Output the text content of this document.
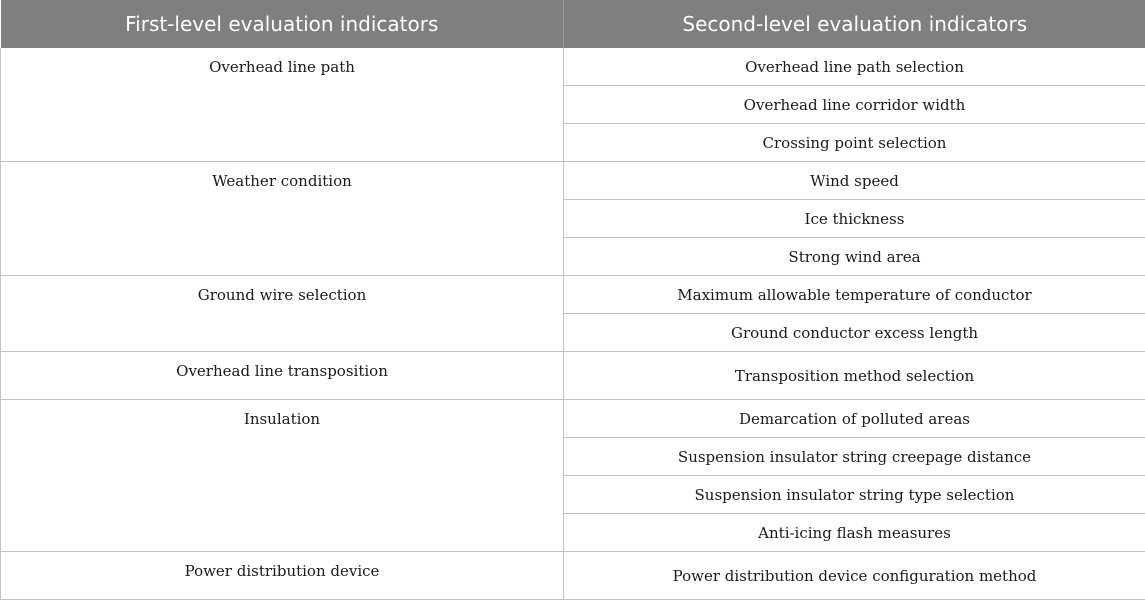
First-level evaluation indicators	Second-level evaluation indicators
Overhead line path	Overhead line path selection
	Overhead line corridor width
	Crossing point selection
Weather condition	Wind speed
	Ice thickness
	Strong wind area
Ground wire selection	Maximum allowable temperature of conductor
	Ground conductor excess length
Overhead line transposition	Transposition method selection
Insulation	Demarcation of polluted areas
	Suspension insulator string creepage distance
	Suspension insulator string type selection
	Anti-icing flash measures
Power distribution device	Power distribution device configuration method
